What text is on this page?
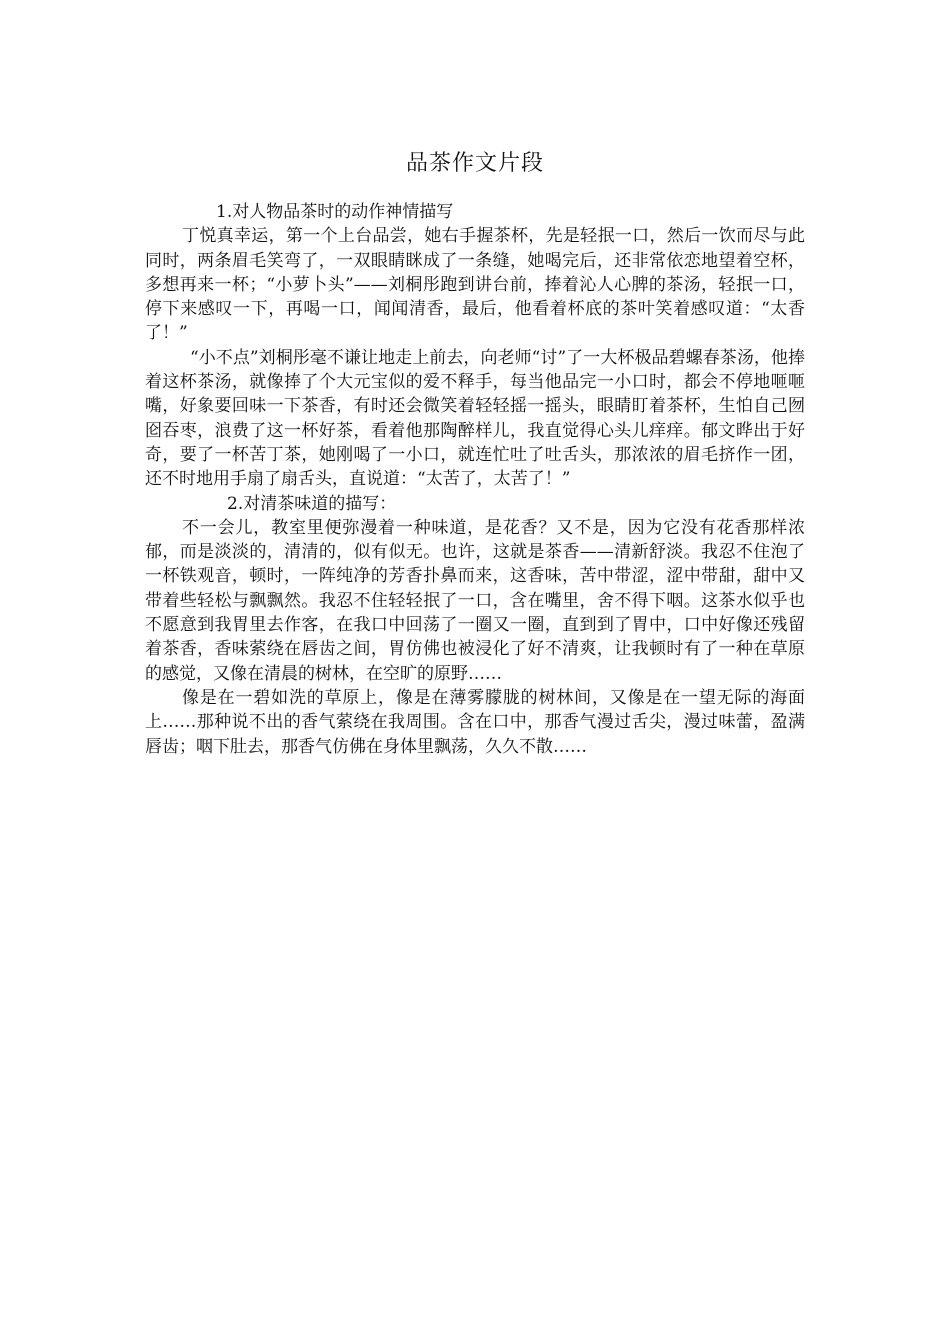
品茶作文片段

1.对人物品茶时的动作神情描写

丁悦真幸运，第一个上台品尝，她右手握茶杯，先是轻抿一口，然后一饮而尽与此同时，两条眉毛笑弯了，一双眼睛眯成了一条缝，她喝完后，还非常依恋地望着空杯，多想再来一杯；“小萝卜头”——刘桐彤跑到讲台前，捧着沁人心脾的茶汤，轻抿一口，停下来感叹一下，再喝一口，闻闻清香，最后，他看着杯底的茶叶笑着感叹道：“太香了！”

“小不点”刘桐彤毫不谦让地走上前去，向老师“讨”了一大杯极品碧螺春茶汤，他捧着这杯茶汤，就像捧了个大元宝似的爱不释手，每当他品完一小口时，都会不停地咂咂嘴，好象要回味一下茶香，有时还会微笑着轻轻摇一摇头，眼睛盯着茶杯，生怕自己囫囵吞枣，浪费了这一杯好茶，看着他那陶醉样儿，我直觉得心头儿痒痒。郁文晔出于好奇，要了一杯苦丁茶，她刚喝了一小口，就连忙吐了吐舌头，那浓浓的眉毛挤作一团，还不时地用手扇了扇舌头，直说道：“太苦了，太苦了！”

2.对清茶味道的描写：

不一会儿，教室里便弥漫着一种味道，是花香？又不是，因为它没有花香那样浓郁，而是淡淡的，清清的，似有似无。也许，这就是茶香——清新舒淡。我忍不住泡了一杯铁观音，顿时，一阵纯净的芳香扑鼻而来，这香味，苦中带涩，涩中带甜，甜中又带着些轻松与飘飘然。我忍不住轻轻抿了一口，含在嘴里，舍不得下咽。这茶水似乎也不愿意到我胃里去作客，在我口中回荡了一圈又一圈，直到到了胃中，口中好像还残留着茶香，香味萦绕在唇齿之间，胃仿佛也被浸化了好不清爽，让我顿时有了一种在草原的感觉，又像在清晨的树林，在空旷的原野……

像是在一碧如洗的草原上，像是在薄雾朦胧的树林间，又像是在一望无际的海面上……那种说不出的香气萦绕在我周围。含在口中，那香气漫过舌尖，漫过味蕾，盈满唇齿；咽下肚去，那香气仿佛在身体里飘荡，久久不散……
